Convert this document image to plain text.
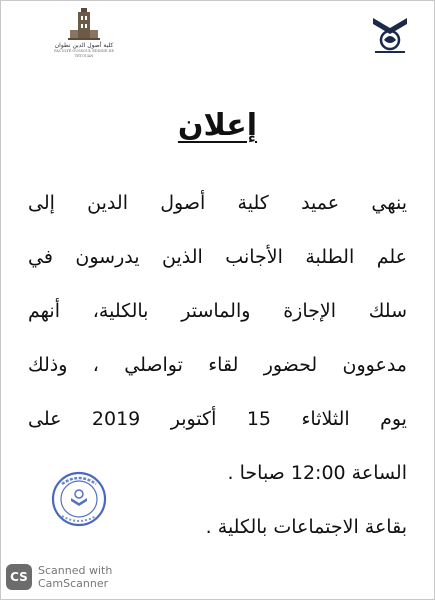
كلية أصول الدين تطوان
FACULTÉ OUSSOUL EDDINE DE TÉTOUAN
إعلان
ينهي عميد كلية أصول الدين إلى
علم الطلبة الأجانب الذين يدرسون في
سلك الإجازة والماستر بالكلية، أنهم
مدعوون لحضور لقاء تواصلي ، وذلك
يوم الثلاثاء 15 أكتوبر 2019 على
الساعة 12:00 صباحا .
بقاعة الاجتماعات بالكلية .
CS Scanned with
CamScanner
